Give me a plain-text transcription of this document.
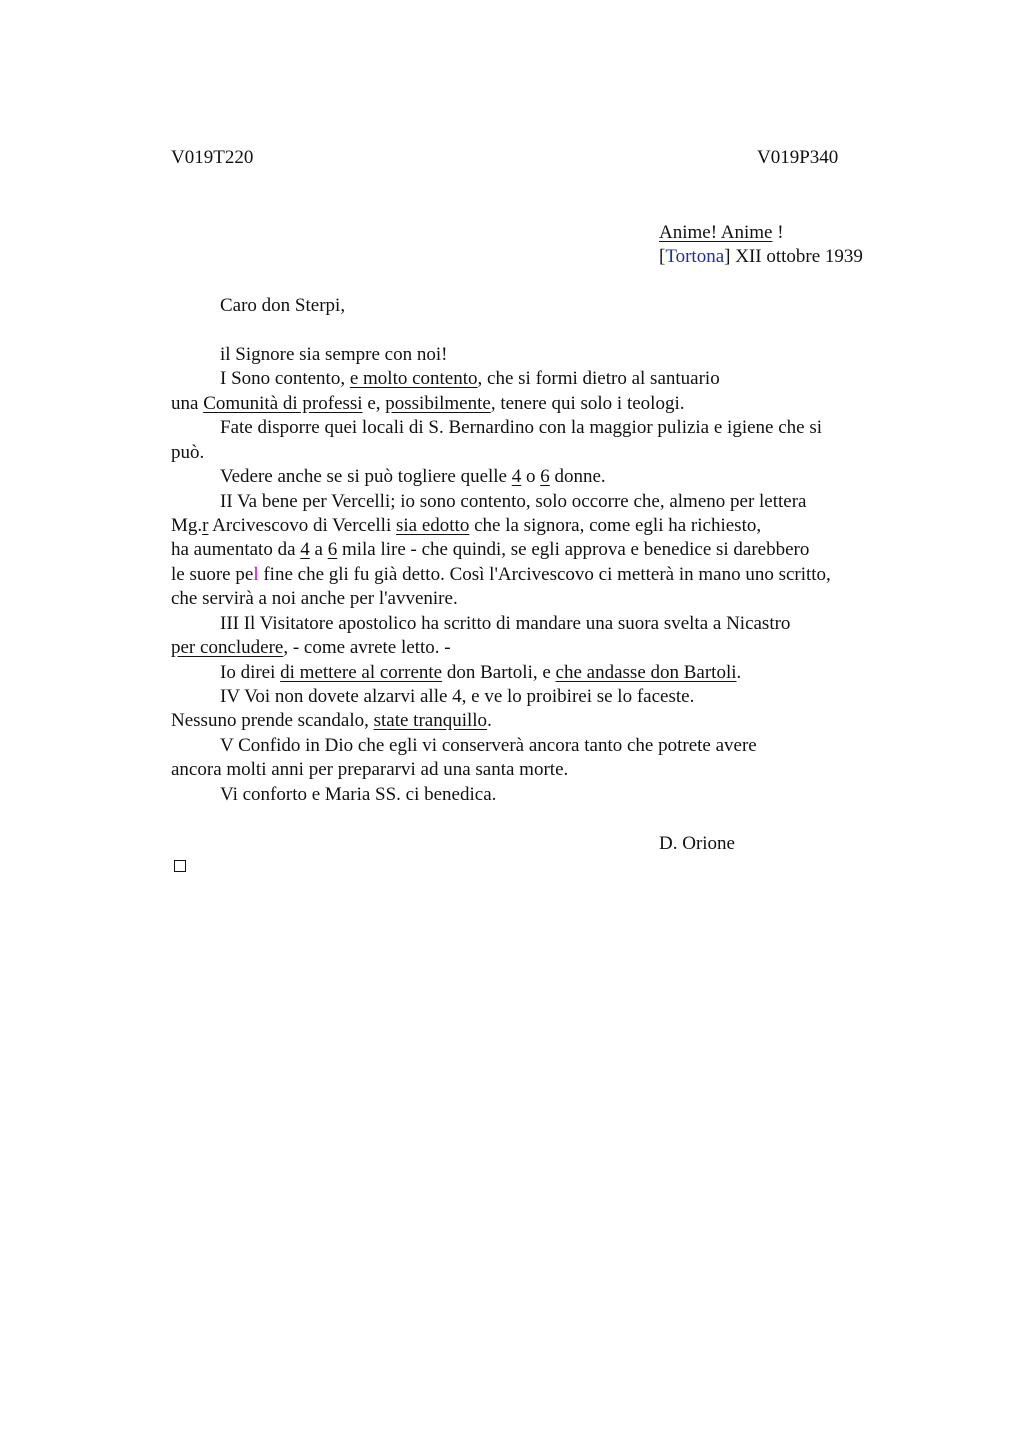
V019T220	V019P340
Anime! Anime !
[Tortona] XII ottobre 1939
Caro don Sterpi,
il Signore sia sempre con noi!
I Sono contento, e molto contento, che si formi dietro al santuario
una Comunità di professi e, possibilmente, tenere qui solo i teologi.
Fate disporre quei locali di S. Bernardino con la maggior pulizia e igiene che si
può.
Vedere anche se si può togliere quelle 4 o 6 donne.
II Va bene per Vercelli; io sono contento, solo occorre che, almeno per lettera
Mg.r Arcivescovo di Vercelli sia edotto che la signora, come egli ha richiesto,
ha aumentato da 4 a 6 mila lire - che quindi, se egli approva e benedice si darebbero
le suore pel fine che gli fu già detto. Così l'Arcivescovo ci metterà in mano uno scritto,
che servirà a noi anche per l'avvenire.
III Il Visitatore apostolico ha scritto di mandare una suora svelta a Nicastro
per concludere, - come avrete letto. -
Io direi di mettere al corrente don Bartoli, e che andasse don Bartoli.
IV Voi non dovete alzarvi alle 4, e ve lo proibirei se lo faceste.
Nessuno prende scandalo, state tranquillo.
V Confido in Dio che egli vi conserverà ancora tanto che potrete avere
ancora molti anni per prepararvi ad una santa morte.
Vi conforto e Maria SS. ci benedica.
D. Orione
